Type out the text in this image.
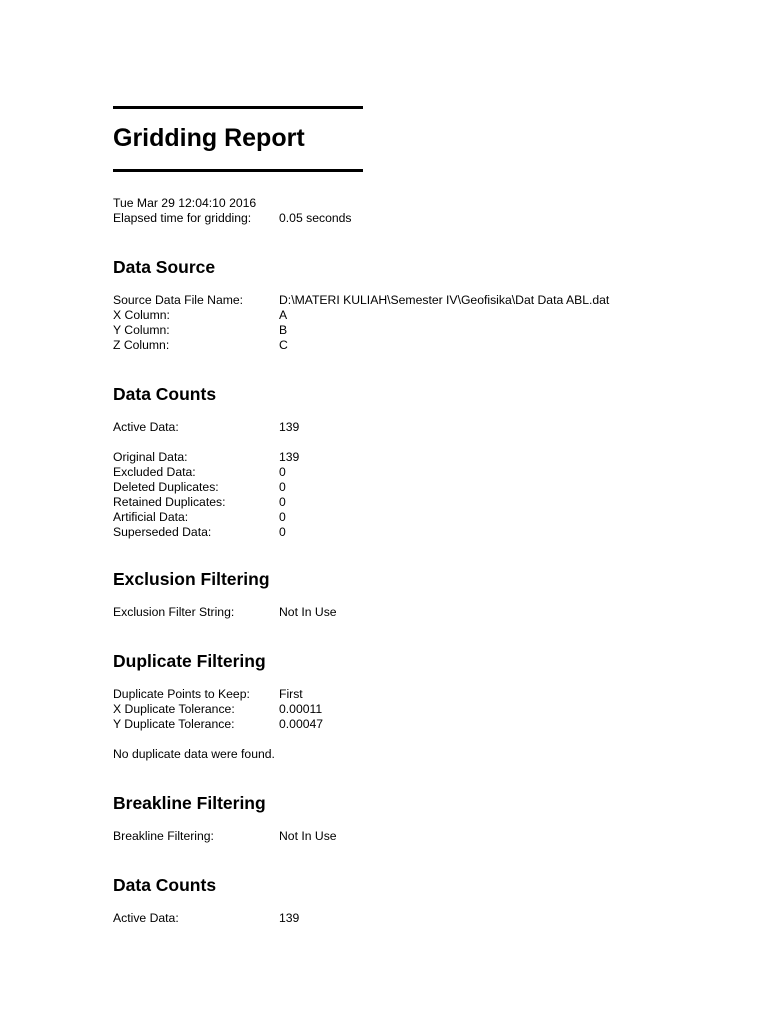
Gridding Report
Tue Mar 29 12:04:10 2016
Elapsed time for gridding: 0.05 seconds
Data Source
Source Data File Name:	D:\MATERI KULIAH\Semester IV\Geofisika\Dat Data ABL.dat
X Column:	A
Y Column:	B
Z Column:	C
Data Counts
Active Data:	139
Original Data:	139
Excluded Data:	0
Deleted Duplicates:	0
Retained Duplicates:	0
Artificial Data:	0
Superseded Data:	0
Exclusion Filtering
Exclusion Filter String:	Not In Use
Duplicate Filtering
Duplicate Points to Keep: First
X Duplicate Tolerance:	0.00011
Y Duplicate Tolerance:	0.00047
No duplicate data were found.
Breakline Filtering
Breakline Filtering:	Not In Use
Data Counts
Active Data:	139
